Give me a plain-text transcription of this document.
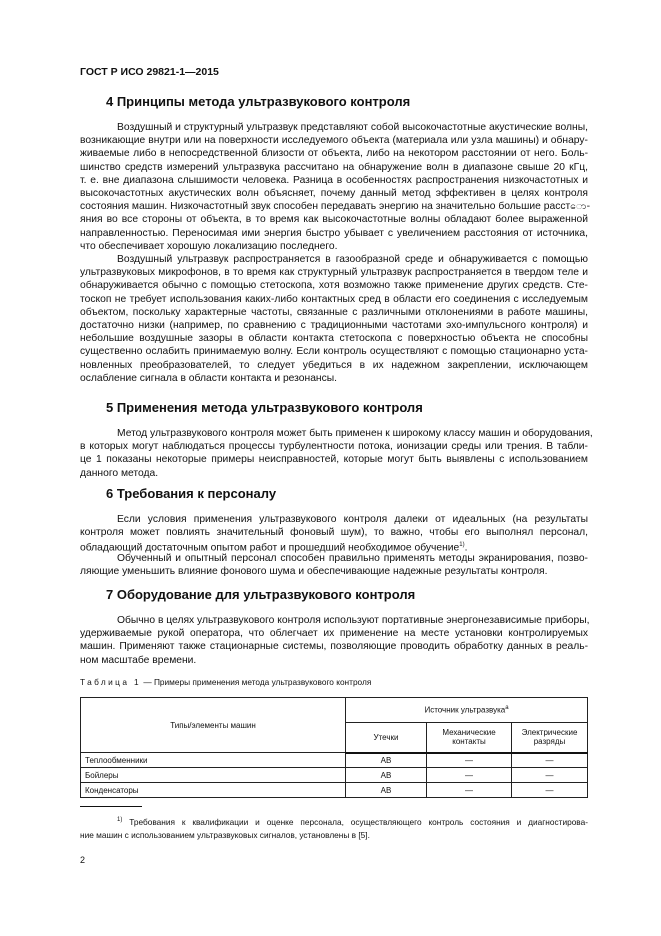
ГОСТ Р ИСО 29821-1—2015
4 Принципы метода ультразвукового контроля
Воздушный и структурный ультразвук представляют собой высокочастотные акустические волны,
возникающие внутри или на поверхности исследуемого объекта (материала или узла машины) и обнару-
живаемые либо в непосредственной близости от объекта, либо на некотором расстоянии от него. Боль-
шинство средств измерений ультразвука рассчитано на обнаружение волн в диапазоне свыше 20 кГц,
т. е. вне диапазона слышимости человека. Разница в особенностях распространения низкочастотных и
высокочастотных акустических волн объясняет, почему данный метод эффективен в целях контроля
состояния машин. Низкочастотный звук способен передавать энергию на значительно большие расстော-
яния во все стороны от объекта, в то время как высокочастотные волны обладают более выраженной
направленностью. Переносимая ими энергия быстро убывает с увеличением расстояния от источника,
что обеспечивает хорошую локализацию последнего.
Воздушный ультразвук распространяется в газообразной среде и обнаруживается с помощью
ультразвуковых микрофонов, в то время как структурный ультразвук распространяется в твердом теле и
обнаруживается обычно с помощью стетоскопа, хотя возможно также применение других средств. Сте-
тоскоп не требует использования каких-либо контактных сред в области его соединения с исследуемым
объектом, поскольку характерные частоты, связанные с различными отклонениями в работе машины,
достаточно низки (например, по сравнению с традиционными частотами эхо-импульсного контроля) и
небольшие воздушные зазоры в области контакта стетоскопа с поверхностью объекта не способны
существенно ослабить принимаемую волну. Если контроль осуществляют с помощью стационарно уста-
новленных преобразователей, то следует убедиться в их надежном закреплении, исключающем
ослабление сигнала в области контакта и резонансы.
5 Применения метода ультразвукового контроля
Метод ультразвукового контроля может быть применен к широкому классу машин и оборудования,
в которых могут наблюдаться процессы турбулентности потока, ионизации среды или трения. В табли-
це 1 показаны некоторые примеры неисправностей, которые могут быть выявлены с использованием
данного метода.
6 Требования к персоналу
Если условия применения ультразвукового контроля далеки от идеальных (на результаты
контроля может повлиять значительный фоновый шум), то важно, чтобы его выполнял персонал,
обладающий достаточным опытом работ и прошедший необходимое обучение$^{1)}$.
Обученный и опытный персонал способен правильно применять методы экранирования, позво-
ляющие уменьшить влияние фонового шума и обеспечивающие надежные результаты контроля.
7 Оборудование для ультразвукового контроля
Обычно в целях ультразвукового контроля используют портативные энергонезависимые приборы,
удерживаемые рукой оператора, что облегчает их применение на месте установки контролируемых
машин. Применяют также стационарные системы, позволяющие проводить обработку данных в реаль-
ном масштабе времени.
Таблица 1 — Примеры применения метода ультразвукового контроля
Типы/элементы машин	Источник ультразвука$^a$
	Утечки	Механические контакты	Электрические разряды
Теплообменники	AB	—	—
Бойлеры	AB	—	—
Конденсаторы	AB	—	—
$^{1)}$ Требования к квалификации и оценке персонала, осуществляющего контроль состояния и диагностирова-
ние машин с использованием ультразвуковых сигналов, установлены в [5].
2
